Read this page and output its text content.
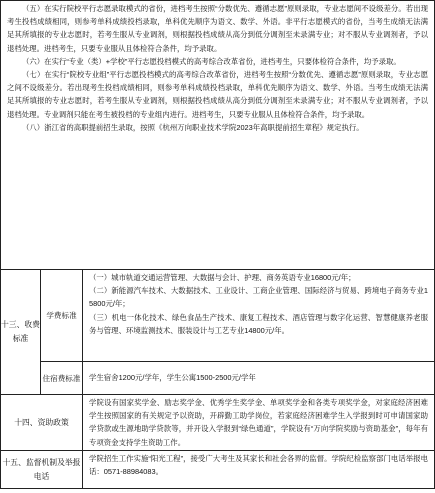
（五）在实行院校平行志愿录取模式的省份，进档考生按照“分数优先、遵循志愿”原则录取，专业志愿间不设级差分。若出现考生投档成绩相同，则参考单科成绩投档录取，单科优先顺序为语文、数学、外语。非平行志愿模式的省份，当考生成绩无法满足其所填报的专业志愿时，若考生服从专业调剂，则根据投档成绩从高分到低分调剂至未录满专业；对不服从专业调剂者，予以退档处理。进档考生，只要专业服从且体检符合条件，均予录取。

（六）在实行“专业（类）+学校”平行志愿投档模式的高考综合改革省份，进档考生，只要体检符合条件，均予录取。

（七）在实行“院校专业组”平行志愿投档模式的高考综合改革省份，进档考生按照“分数优先、遵循志愿”原则录取，专业志愿之间不设级差分。若出现考生投档成绩相同，则参考单科成绩投档录取，单科优先顺序为语文、数学、外语。当考生成绩无法满足其所填报的专业志愿时，若考生服从专业调剂，则根据投档成绩从高分到低分调剂至未录满专业；对不服从专业调剂者，予以退档处理。专业调剂只能在考生被投档的专业组内进行。进档考生，只要专业服从且体检符合条件，均予录取。

（八）浙江省的高职提前招生录取，按照《杭州万向职业技术学院2023年高职提前招生章程》规定执行。		

十三、收费标准	学费标准	（一）城市轨道交通运营管理、大数据与会计、护理、商务英语专业16800元/年；

（二）新能源汽车技术、大数据技术、工业设计、工商企业管理、国际经济与贸易、跨境电子商务专业15800元/年；

（三）机电一体化技术、绿色食品生产技术、康复工程技术、酒店管理与数字化运营、智慧健康养老服务与管理、环境监测技术、服装设计与工艺专业14800元/年。

	住宿费标准	学生宿舍1200元/学年，学生公寓1500-2500元/学年
十四、资助政策		学院设有国家奖学金、励志奖学金、优秀学生奖学金、单项奖学金和各类专项奖学金，对家庭经济困难学生按照国家的有关规定予以资助，开辟勤工助学岗位，若家庭经济困难学生入学报到时可申请国家助学贷款或生源地助学贷款等，并开设入学报到“绿色通道”，学院设有“万向学院奖励与资助基金”，每年有专项资金支持学生资助工作。
十五、监督机制及举报电话		学院招生工作实施“阳光工程”，接受广大考生及其家长和社会各界的监督。学院纪检监察部门电话举报电话：0571-88984083。
